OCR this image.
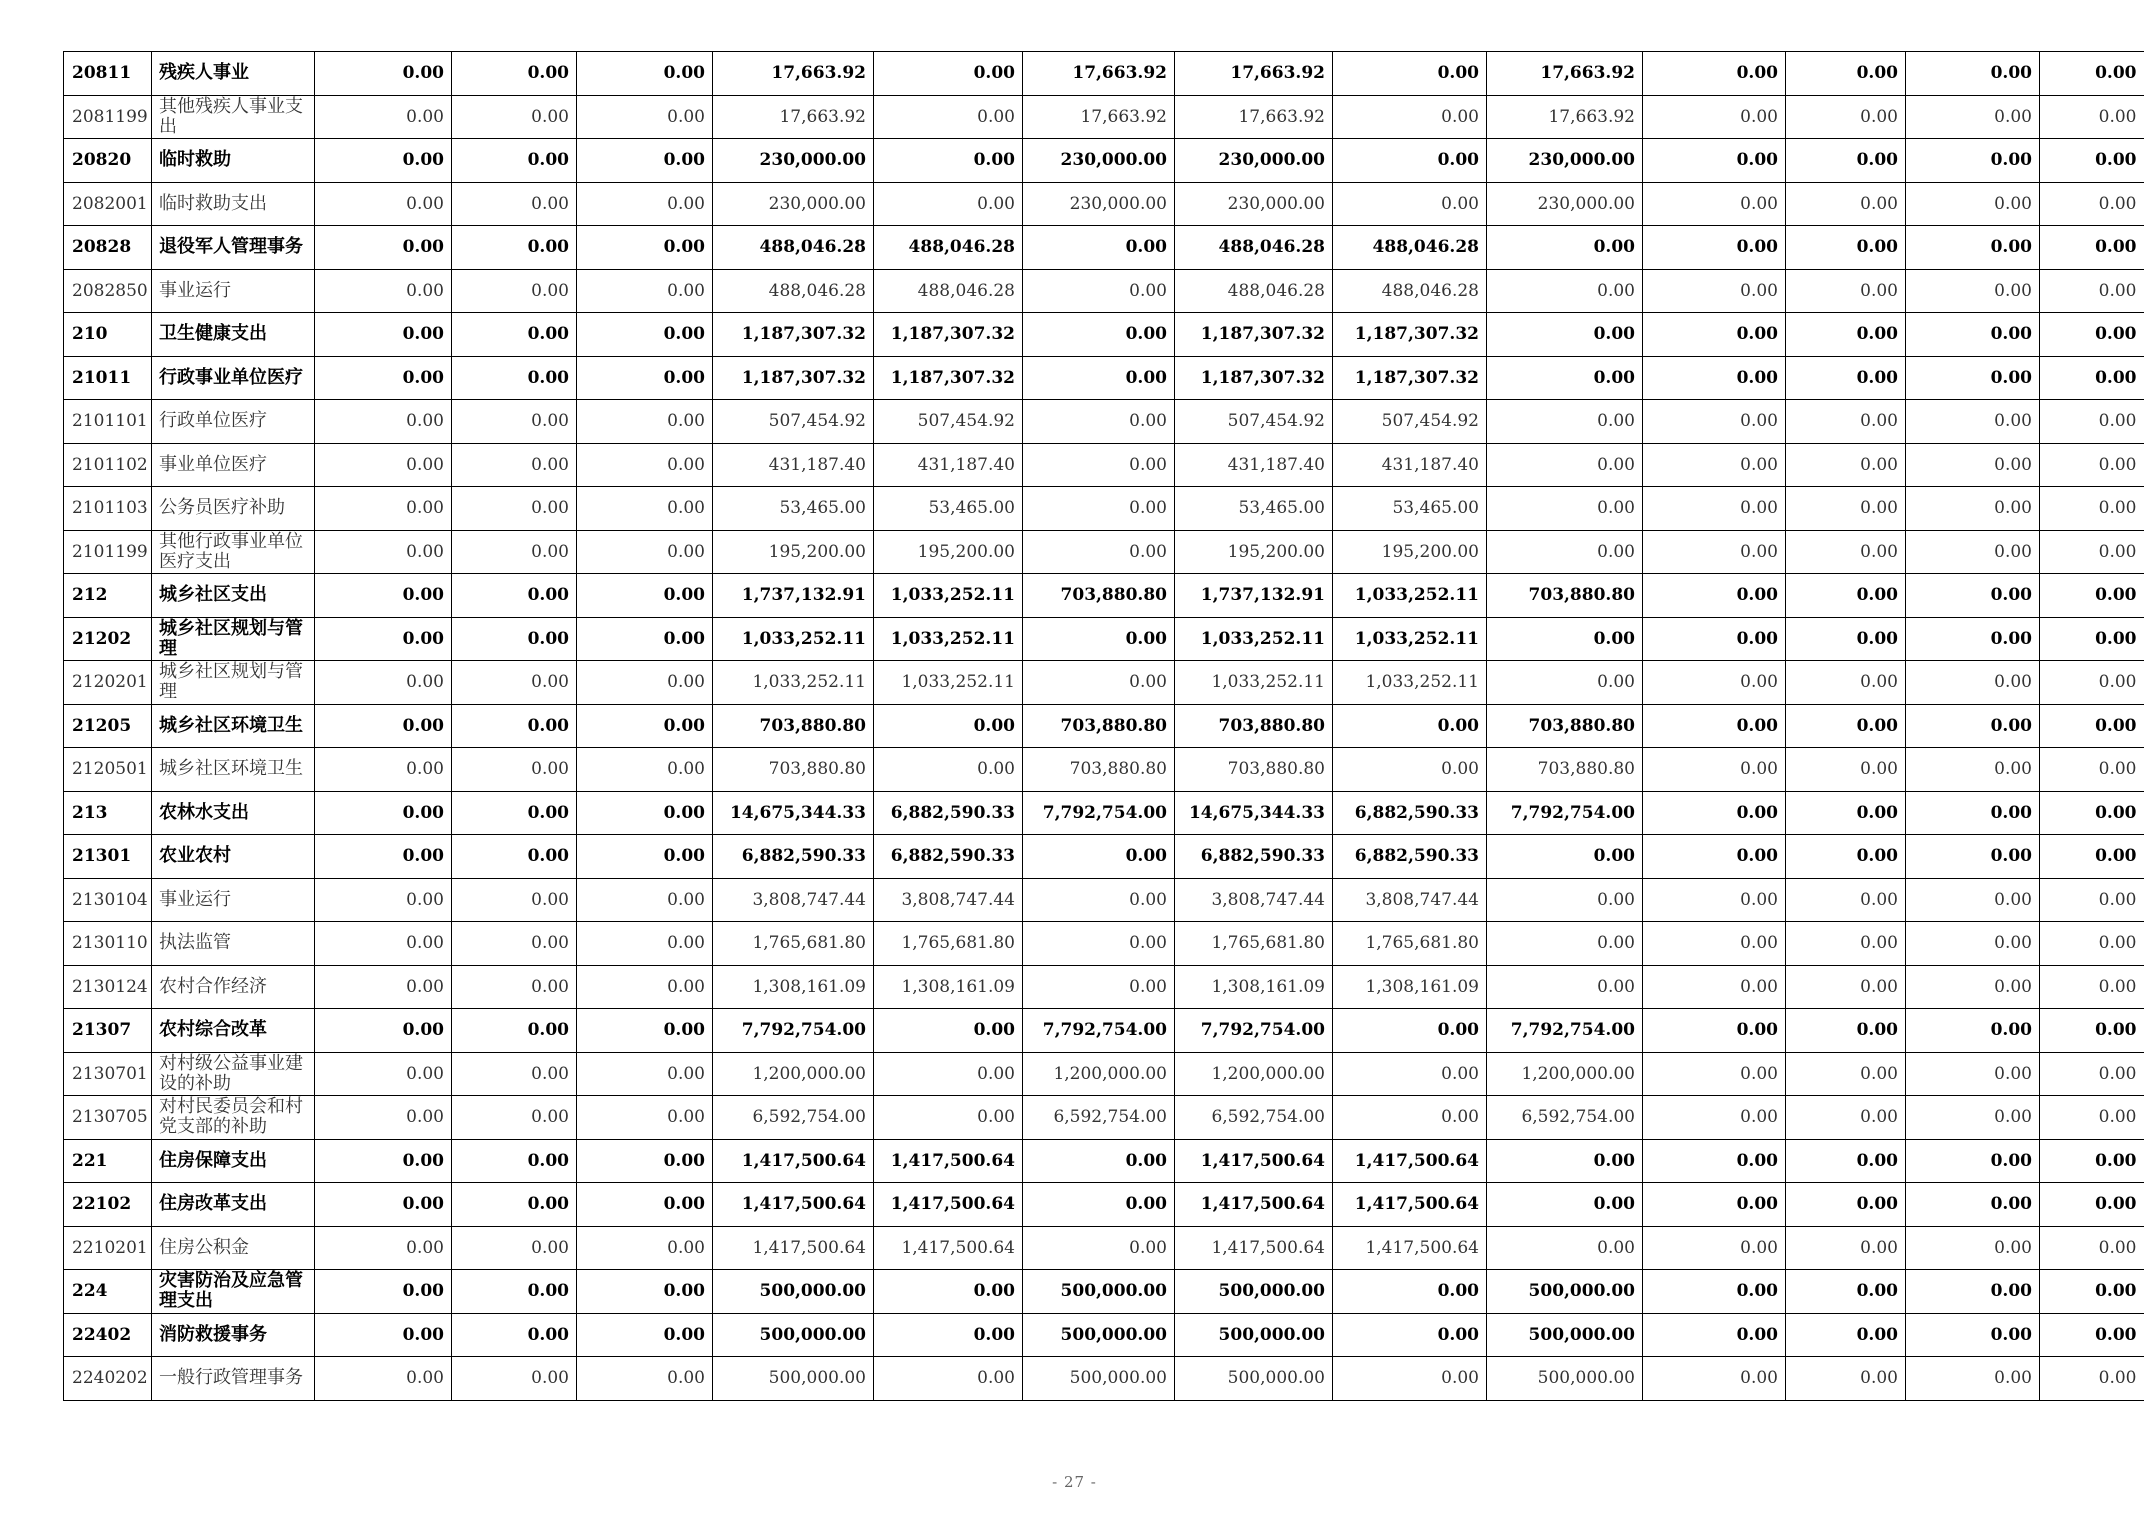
20811	残疾人事业	0.00	0.00	0.00	17,663.92	0.00	17,663.92	17,663.92	0.00	17,663.92	0.00	0.00	0.00	0.00
2081199	其他残疾人事业支出	0.00	0.00	0.00	17,663.92	0.00	17,663.92	17,663.92	0.00	17,663.92	0.00	0.00	0.00	0.00
20820	临时救助	0.00	0.00	0.00	230,000.00	0.00	230,000.00	230,000.00	0.00	230,000.00	0.00	0.00	0.00	0.00
2082001	临时救助支出	0.00	0.00	0.00	230,000.00	0.00	230,000.00	230,000.00	0.00	230,000.00	0.00	0.00	0.00	0.00
20828	退役军人管理事务	0.00	0.00	0.00	488,046.28	488,046.28	0.00	488,046.28	488,046.28	0.00	0.00	0.00	0.00	0.00
2082850	事业运行	0.00	0.00	0.00	488,046.28	488,046.28	0.00	488,046.28	488,046.28	0.00	0.00	0.00	0.00	0.00
210	卫生健康支出	0.00	0.00	0.00	1,187,307.32	1,187,307.32	0.00	1,187,307.32	1,187,307.32	0.00	0.00	0.00	0.00	0.00
21011	行政事业单位医疗	0.00	0.00	0.00	1,187,307.32	1,187,307.32	0.00	1,187,307.32	1,187,307.32	0.00	0.00	0.00	0.00	0.00
2101101	行政单位医疗	0.00	0.00	0.00	507,454.92	507,454.92	0.00	507,454.92	507,454.92	0.00	0.00	0.00	0.00	0.00
2101102	事业单位医疗	0.00	0.00	0.00	431,187.40	431,187.40	0.00	431,187.40	431,187.40	0.00	0.00	0.00	0.00	0.00
2101103	公务员医疗补助	0.00	0.00	0.00	53,465.00	53,465.00	0.00	53,465.00	53,465.00	0.00	0.00	0.00	0.00	0.00
2101199	其他行政事业单位医疗支出	0.00	0.00	0.00	195,200.00	195,200.00	0.00	195,200.00	195,200.00	0.00	0.00	0.00	0.00	0.00
212	城乡社区支出	0.00	0.00	0.00	1,737,132.91	1,033,252.11	703,880.80	1,737,132.91	1,033,252.11	703,880.80	0.00	0.00	0.00	0.00
21202	城乡社区规划与管理	0.00	0.00	0.00	1,033,252.11	1,033,252.11	0.00	1,033,252.11	1,033,252.11	0.00	0.00	0.00	0.00	0.00
2120201	城乡社区规划与管理	0.00	0.00	0.00	1,033,252.11	1,033,252.11	0.00	1,033,252.11	1,033,252.11	0.00	0.00	0.00	0.00	0.00
21205	城乡社区环境卫生	0.00	0.00	0.00	703,880.80	0.00	703,880.80	703,880.80	0.00	703,880.80	0.00	0.00	0.00	0.00
2120501	城乡社区环境卫生	0.00	0.00	0.00	703,880.80	0.00	703,880.80	703,880.80	0.00	703,880.80	0.00	0.00	0.00	0.00
213	农林水支出	0.00	0.00	0.00	14,675,344.33	6,882,590.33	7,792,754.00	14,675,344.33	6,882,590.33	7,792,754.00	0.00	0.00	0.00	0.00
21301	农业农村	0.00	0.00	0.00	6,882,590.33	6,882,590.33	0.00	6,882,590.33	6,882,590.33	0.00	0.00	0.00	0.00	0.00
2130104	事业运行	0.00	0.00	0.00	3,808,747.44	3,808,747.44	0.00	3,808,747.44	3,808,747.44	0.00	0.00	0.00	0.00	0.00
2130110	执法监管	0.00	0.00	0.00	1,765,681.80	1,765,681.80	0.00	1,765,681.80	1,765,681.80	0.00	0.00	0.00	0.00	0.00
2130124	农村合作经济	0.00	0.00	0.00	1,308,161.09	1,308,161.09	0.00	1,308,161.09	1,308,161.09	0.00	0.00	0.00	0.00	0.00
21307	农村综合改革	0.00	0.00	0.00	7,792,754.00	0.00	7,792,754.00	7,792,754.00	0.00	7,792,754.00	0.00	0.00	0.00	0.00
2130701	对村级公益事业建设的补助	0.00	0.00	0.00	1,200,000.00	0.00	1,200,000.00	1,200,000.00	0.00	1,200,000.00	0.00	0.00	0.00	0.00
2130705	对村民委员会和村党支部的补助	0.00	0.00	0.00	6,592,754.00	0.00	6,592,754.00	6,592,754.00	0.00	6,592,754.00	0.00	0.00	0.00	0.00
221	住房保障支出	0.00	0.00	0.00	1,417,500.64	1,417,500.64	0.00	1,417,500.64	1,417,500.64	0.00	0.00	0.00	0.00	0.00
22102	住房改革支出	0.00	0.00	0.00	1,417,500.64	1,417,500.64	0.00	1,417,500.64	1,417,500.64	0.00	0.00	0.00	0.00	0.00
2210201	住房公积金	0.00	0.00	0.00	1,417,500.64	1,417,500.64	0.00	1,417,500.64	1,417,500.64	0.00	0.00	0.00	0.00	0.00
224	灾害防治及应急管理支出	0.00	0.00	0.00	500,000.00	0.00	500,000.00	500,000.00	0.00	500,000.00	0.00	0.00	0.00	0.00
22402	消防救援事务	0.00	0.00	0.00	500,000.00	0.00	500,000.00	500,000.00	0.00	500,000.00	0.00	0.00	0.00	0.00
2240202	一般行政管理事务	0.00	0.00	0.00	500,000.00	0.00	500,000.00	500,000.00	0.00	500,000.00	0.00	0.00	0.00	0.00
- 27 -
